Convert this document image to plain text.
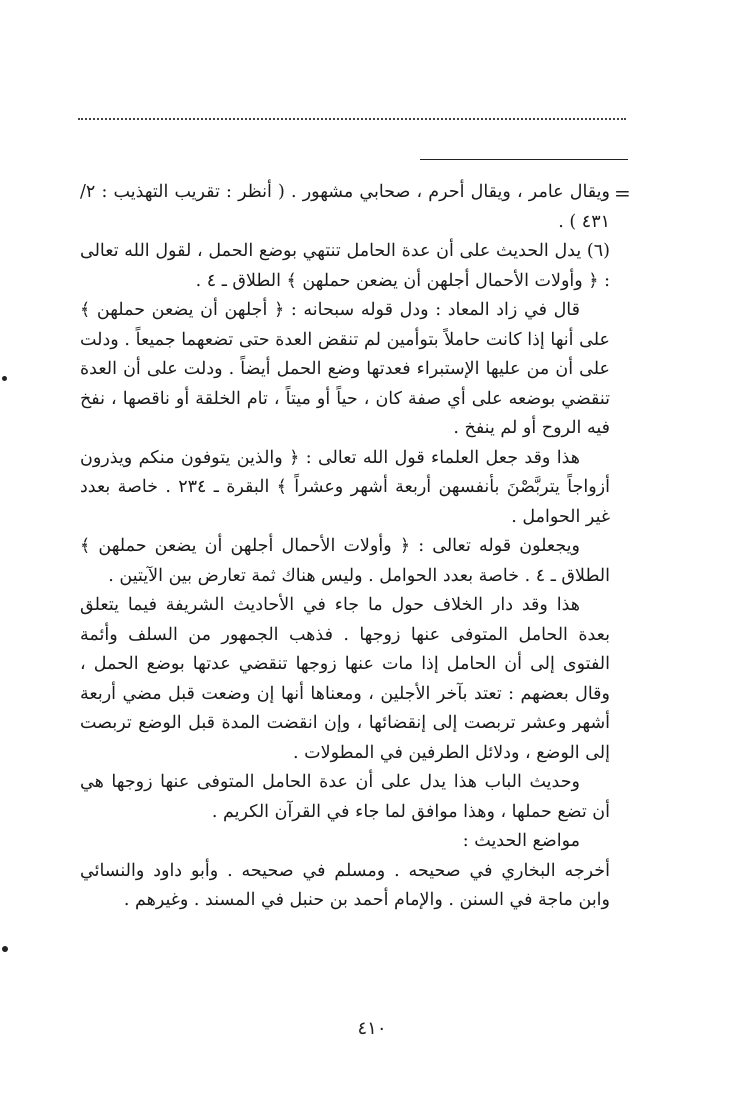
=

ويقال عامر ، ويقال أحرم ، صحابي مشهور . ( أنظر : تقريب التهذيب : ٢/ ٤٣١ ) .

(٦) يدل الحديث على أن عدة الحامل تنتهي بوضع الحمل ، لقول الله تعالى : ﴿ وأولات الأحمال أجلهن أن يضعن حملهن ﴾ الطلاق ـ ٤ .

قال في زاد المعاد : ودل قوله سبحانه : ﴿ أجلهن أن يضعن حملهن ﴾ على أنها إذا كانت حاملاً بتوأمين لم تنقض العدة حتى تضعهما جميعاً . ودلت على أن من عليها الإستبراء فعدتها وضع الحمل أيضاً . ودلت على أن العدة تنقضي بوضعه على أي صفة كان ، حياً أو ميتاً ، تام الخلقة أو ناقصها ، نفخ فيه الروح أو لم ينفخ .

هذا وقد جعل العلماء قول الله تعالى : ﴿ والذين يتوفون منكم ويذرون أزواجاً يتربَّصْنَ بأنفسهن أربعة أشهر وعشراً ﴾ البقرة ـ ٢٣٤ . خاصة بعدد غير الحوامل .

ويجعلون قوله تعالى : ﴿ وأولات الأحمال أجلهن أن يضعن حملهن ﴾ الطلاق ـ ٤ . خاصة بعدد الحوامل . وليس هناك ثمة تعارض بين الآيتين .

هذا وقد دار الخلاف حول ما جاء في الأحاديث الشريفة فيما يتعلق بعدة الحامل المتوفى عنها زوجها . فذهب الجمهور من السلف وأئمة الفتوى إلى أن الحامل إذا مات عنها زوجها تنقضي عدتها بوضع الحمل ، وقال بعضهم : تعتد بآخر الأجلين ، ومعناها أنها إن وضعت قبل مضي أربعة أشهر وعشر تربصت إلى إنقضائها ، وإن انقضت المدة قبل الوضع تربصت إلى الوضع ، ودلائل الطرفين في المطولات .

وحديث الباب هذا يدل على أن عدة الحامل المتوفى عنها زوجها هي أن تضع حملها ، وهذا موافق لما جاء في القرآن الكريم .

مواضع الحديث :

أخرجه البخاري في صحيحه . ومسلم في صحيحه . وأبو داود والنسائي وابن ماجة في السنن . والإمام أحمد بن حنبل في المسند . وغيرهم .

٤١٠
